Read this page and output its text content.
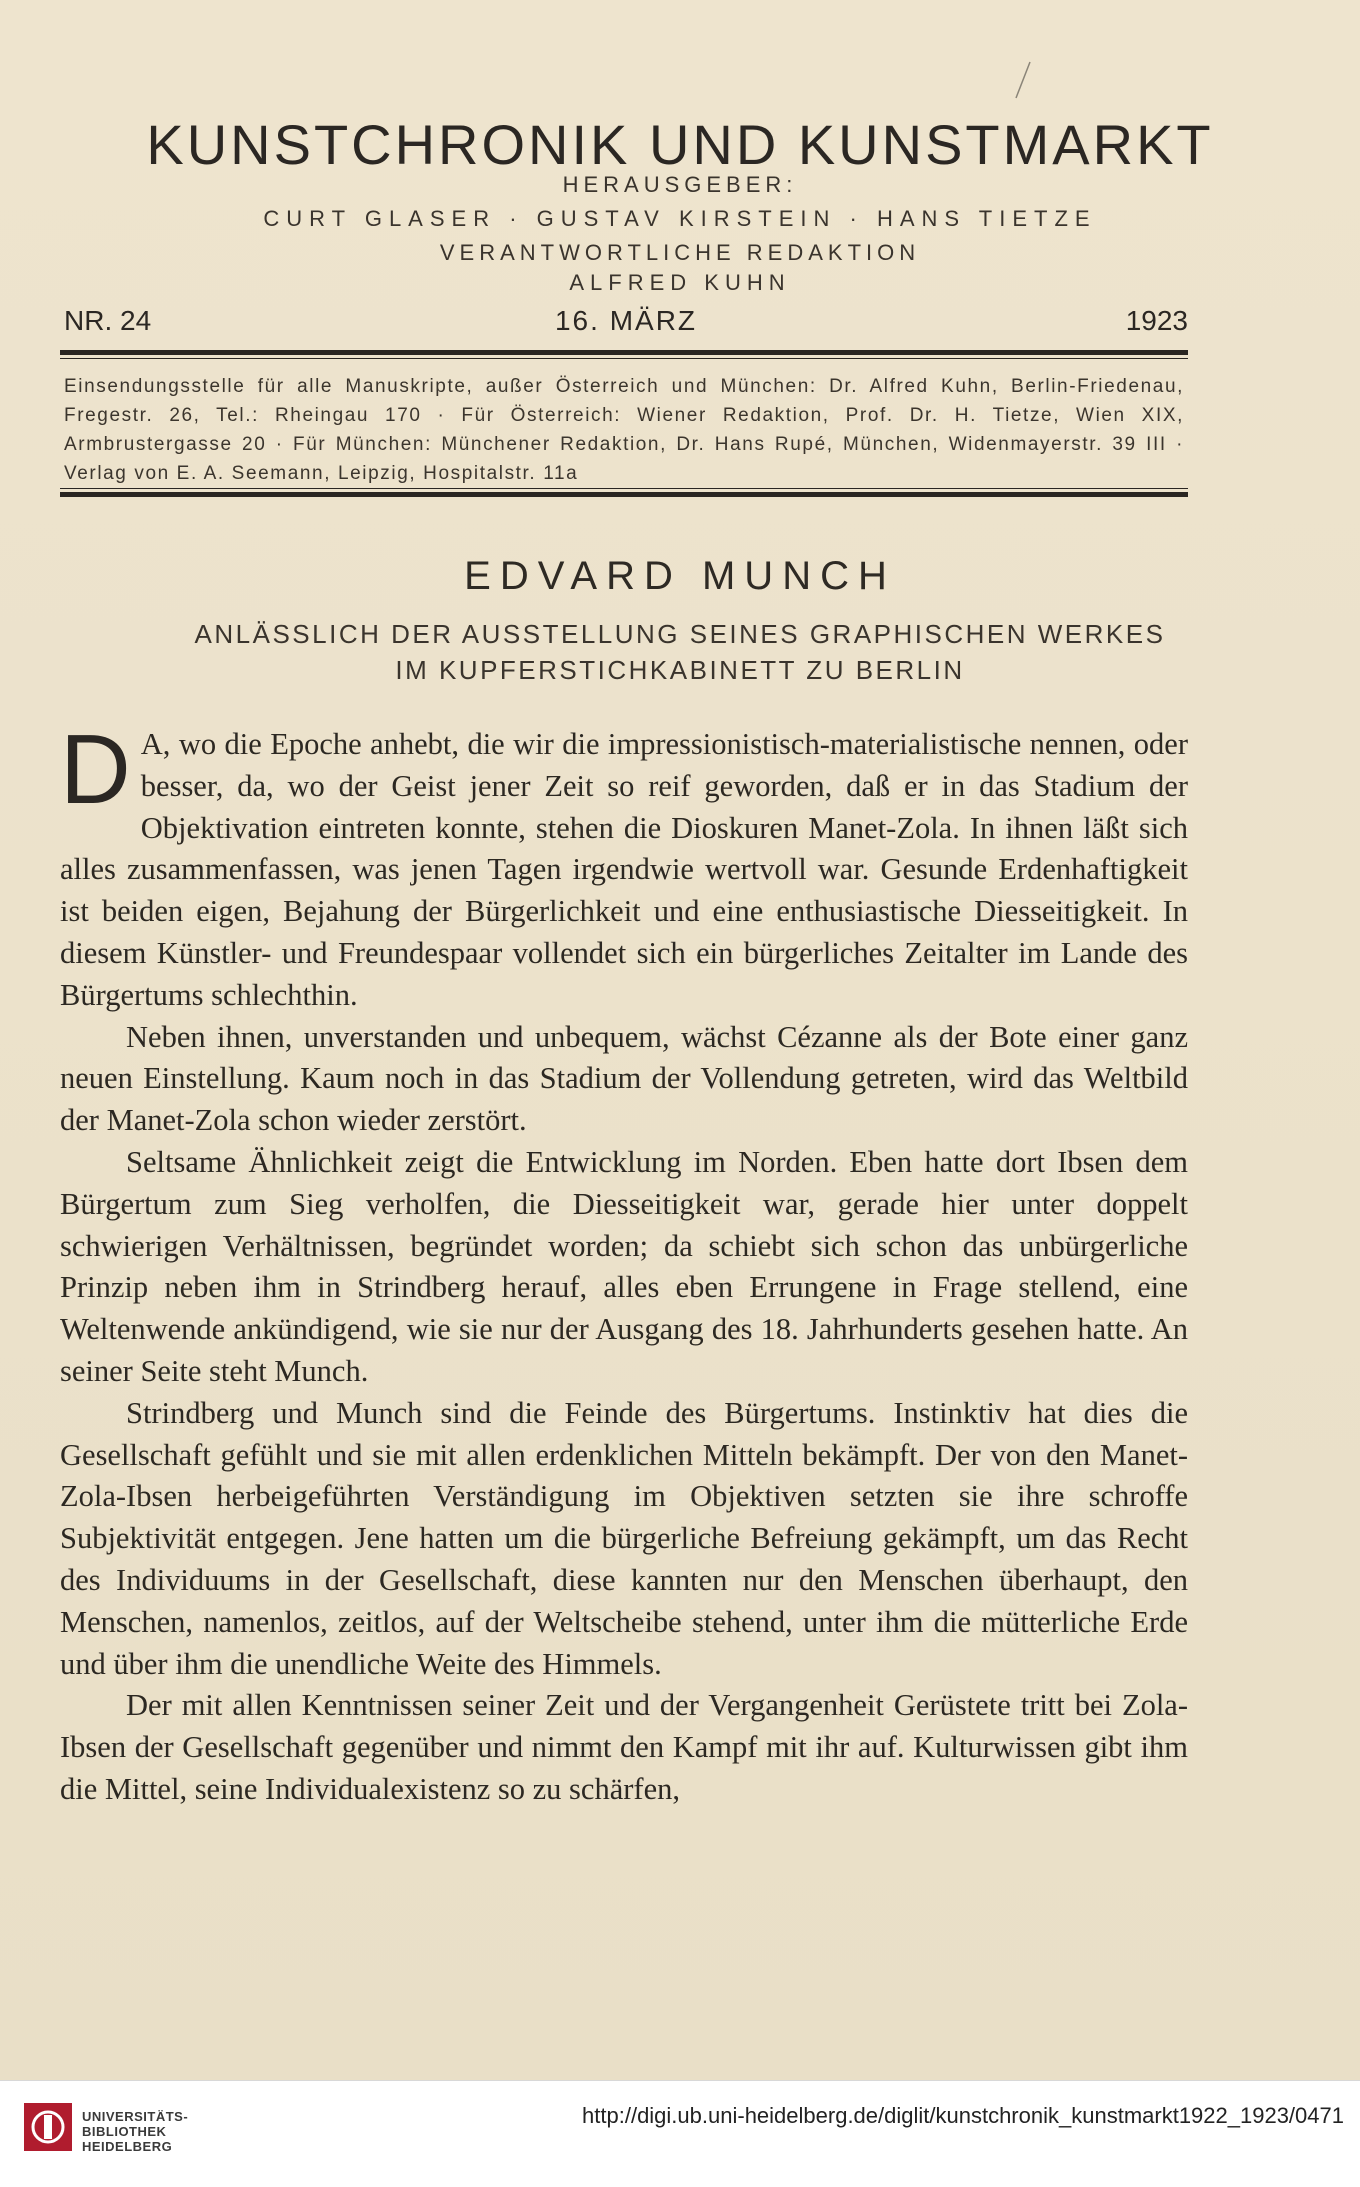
KUNSTCHRONIK UND KUNSTMARKT
HERAUSGEBER:
CURT GLASER · GUSTAV KIRSTEIN · HANS TIETZE
VERANTWORTLICHE REDAKTION
ALFRED KUHN
NR. 24	16. MÄRZ	1923
Einsendungsstelle für alle Manuskripte, außer Österreich und München: Dr. Alfred Kuhn, Berlin-Friedenau, Fregestr. 26, Tel.: Rheingau 170 · Für Österreich: Wiener Redaktion, Prof. Dr. H. Tietze, Wien XIX, Armbrustergasse 20 · Für München: Münchener Redaktion, Dr. Hans Rupé, München, Widenmayerstr. 39 III · Verlag von E. A. Seemann, Leipzig, Hospitalstr. 11a
EDVARD MUNCH
ANLÄSSLICH DER AUSSTELLUNG SEINES GRAPHISCHEN WERKES
IM KUPFERSTICHKABINETT ZU BERLIN

D A, wo die Epoche anhebt, die wir die impressionistisch-materialistische nennen, oder besser, da, wo der Geist jener Zeit so reif geworden, daß er in das Stadium der Objektivation eintreten konnte, stehen die Dioskuren Manet-Zola. In ihnen läßt sich alles zusammenfassen, was jenen Tagen irgendwie wertvoll war. Gesunde Erdenhaftigkeit ist beiden eigen, Bejahung der Bürgerlichkeit und eine enthusiastische Diesseitigkeit. In diesem Künstler- und Freundespaar vollendet sich ein bürgerliches Zeitalter im Lande des Bürgertums schlechthin.

Neben ihnen, unverstanden und unbequem, wächst Cézanne als der Bote einer ganz neuen Einstellung. Kaum noch in das Stadium der Vollendung getreten, wird das Weltbild der Manet-Zola schon wieder zerstört.

Seltsame Ähnlichkeit zeigt die Entwicklung im Norden. Eben hatte dort Ibsen dem Bürgertum zum Sieg verholfen, die Diesseitigkeit war, gerade hier unter doppelt schwierigen Verhältnissen, begründet worden; da schiebt sich schon das unbürgerliche Prinzip neben ihm in Strindberg herauf, alles eben Errungene in Frage stellend, eine Weltenwende ankündigend, wie sie nur der Ausgang des 18. Jahrhunderts gesehen hatte. An seiner Seite steht Munch.

Strindberg und Munch sind die Feinde des Bürgertums. Instinktiv hat dies die Gesellschaft gefühlt und sie mit allen erdenklichen Mitteln bekämpft. Der von den Manet-Zola-Ibsen herbeigeführten Verständigung im Objektiven setzten sie ihre schroffe Subjektivität entgegen. Jene hatten um die bürgerliche Befreiung gekämpft, um das Recht des Individuums in der Gesellschaft, diese kannten nur den Menschen überhaupt, den Menschen, namenlos, zeitlos, auf der Weltscheibe stehend, unter ihm die mütterliche Erde und über ihm die unendliche Weite des Himmels.

Der mit allen Kenntnissen seiner Zeit und der Vergangenheit Gerüstete tritt bei Zola-Ibsen der Gesellschaft gegenüber und nimmt den Kampf mit ihr auf. Kulturwissen gibt ihm die Mittel, seine Individualexistenz so zu schärfen,

UNIVERSITÄTS-
BIBLIOTHEK
HEIDELBERG
http://digi.ub.uni-heidelberg.de/diglit/kunstchronik_kunstmarkt1922_1923/0471
